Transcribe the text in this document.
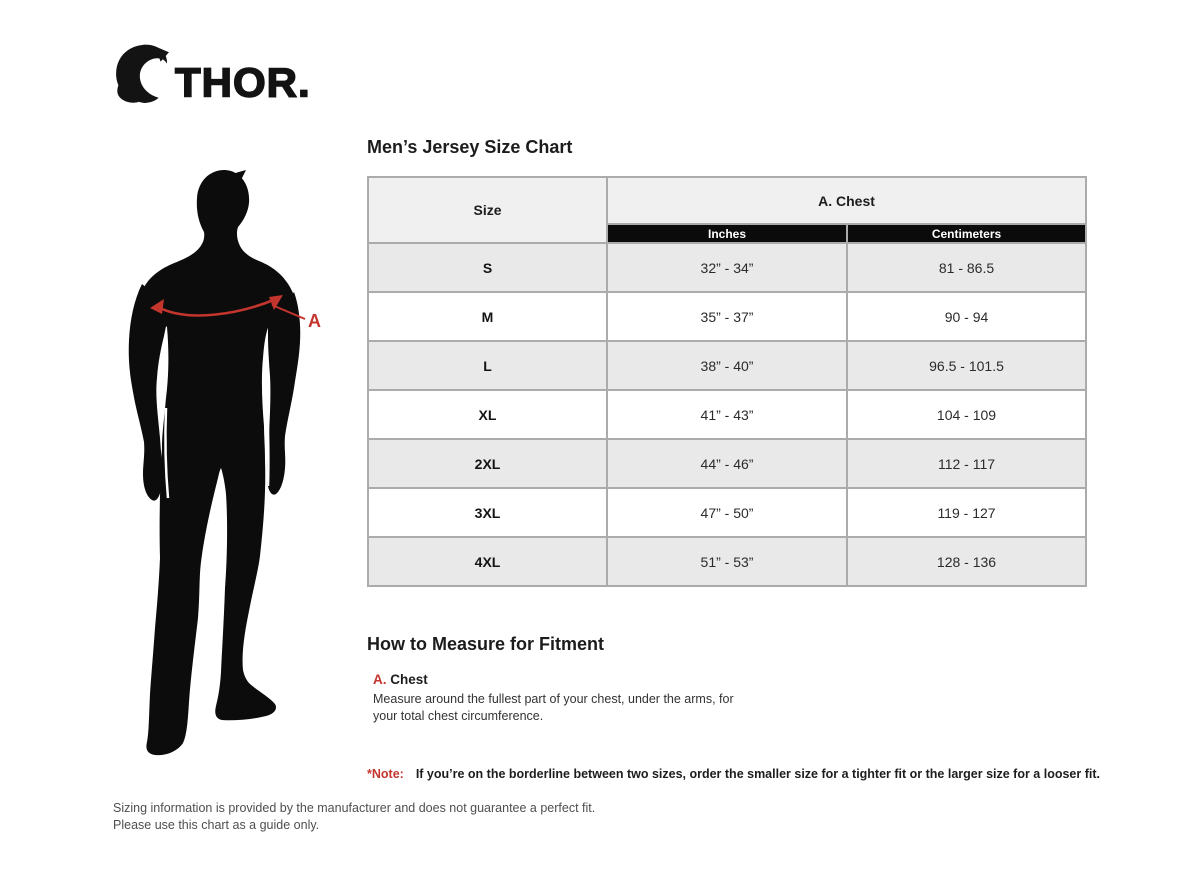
THOR.
A
Men’s Jersey Size Chart
Size	A. Chest	
	Inches	Centimeters
S	32” - 34”	81 - 86.5
M	35” - 37”	90 - 94
L	38” - 40”	96.5 - 101.5
XL	41” - 43”	104 - 109
2XL	44” - 46”	112 - 117
3XL	47” - 50”	119 - 127
4XL	51” - 53”	128 - 136
How to Measure for Fitment
A. Chest

Measure around the fullest part of your chest, under the arms, for your total chest circumference.

*Note: If you’re on the borderline between two sizes, order the smaller size for a tighter fit or the larger size for a looser fit.

Sizing information is provided by the manufacturer and does not guarantee a perfect fit.
Please use this chart as a guide only.
